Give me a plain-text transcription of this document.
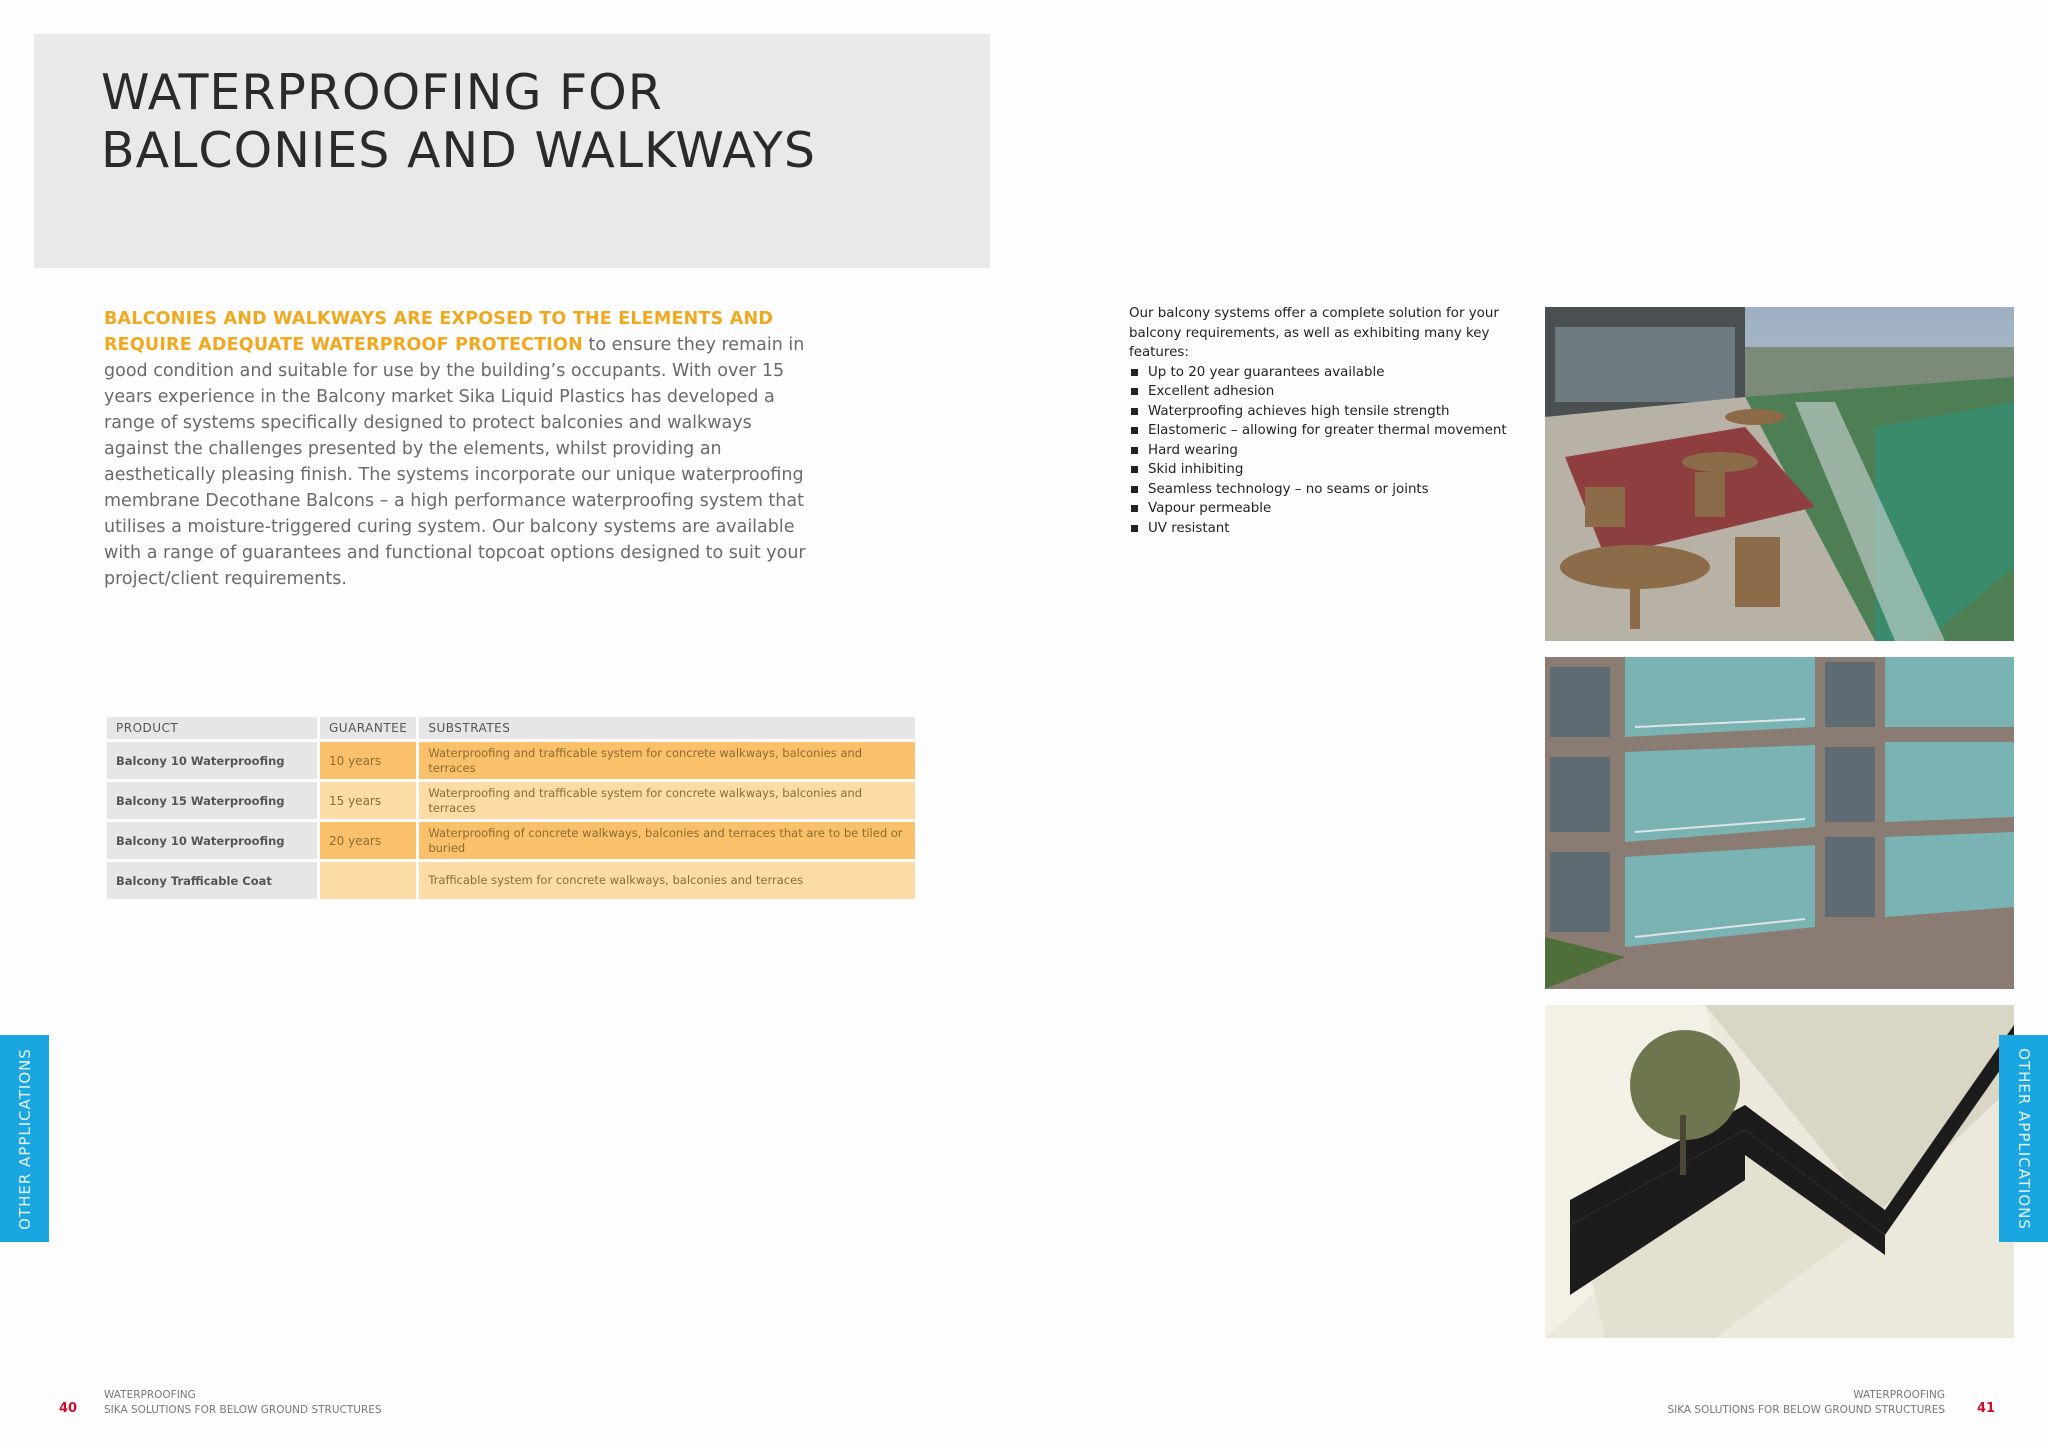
WATERPROOFING FOR
BALCONIES AND WALKWAYS

BALCONIES AND WALKWAYS ARE EXPOSED TO THE ELEMENTS AND REQUIRE ADEQUATE WATERPROOF PROTECTION to ensure they remain in good condition and suitable for use by the building’s occupants. With over 15 years experience in the Balcony market Sika Liquid Plastics has developed a range of systems specifically designed to protect balconies and walkways against the challenges presented by the elements, whilst providing an aesthetically pleasing finish. The systems incorporate our unique waterproofing membrane Decothane Balcons – a high performance waterproofing system that utilises a moisture-triggered curing system. Our balcony systems are available with a range of guarantees and functional topcoat options designed to suit your project/client requirements.

PRODUCT	GUARANTEE	SUBSTRATES
Balcony 10 Waterproofing	10 years	Waterproofing and trafficable system for concrete walkways, balconies and terraces
Balcony 15 Waterproofing	15 years	Waterproofing and trafficable system for concrete walkways, balconies and terraces
Balcony 10 Waterproofing	20 years	Waterproofing of concrete walkways, balconies and terraces that are to be tiled or buried
Balcony Trafficable Coat		Trafficable system for concrete walkways, balconies and terraces

Our balcony systems offer a complete solution for your balcony requirements, as well as exhibiting many key features:

Up to 20 year guarantees available
Excellent adhesion
Waterproofing achieves high tensile strength
Elastomeric – allowing for greater thermal movement
Hard wearing
Skid inhibiting
Seamless technology – no seams or joints
Vapour permeable
UV resistant
OTHER APPLICATIONS	OTHER APPLICATIONS
40
WATERPROOFING
SIKA SOLUTIONS FOR BELOW GROUND STRUCTURES
WATERPROOFING
SIKA SOLUTIONS FOR BELOW GROUND STRUCTURES 41
